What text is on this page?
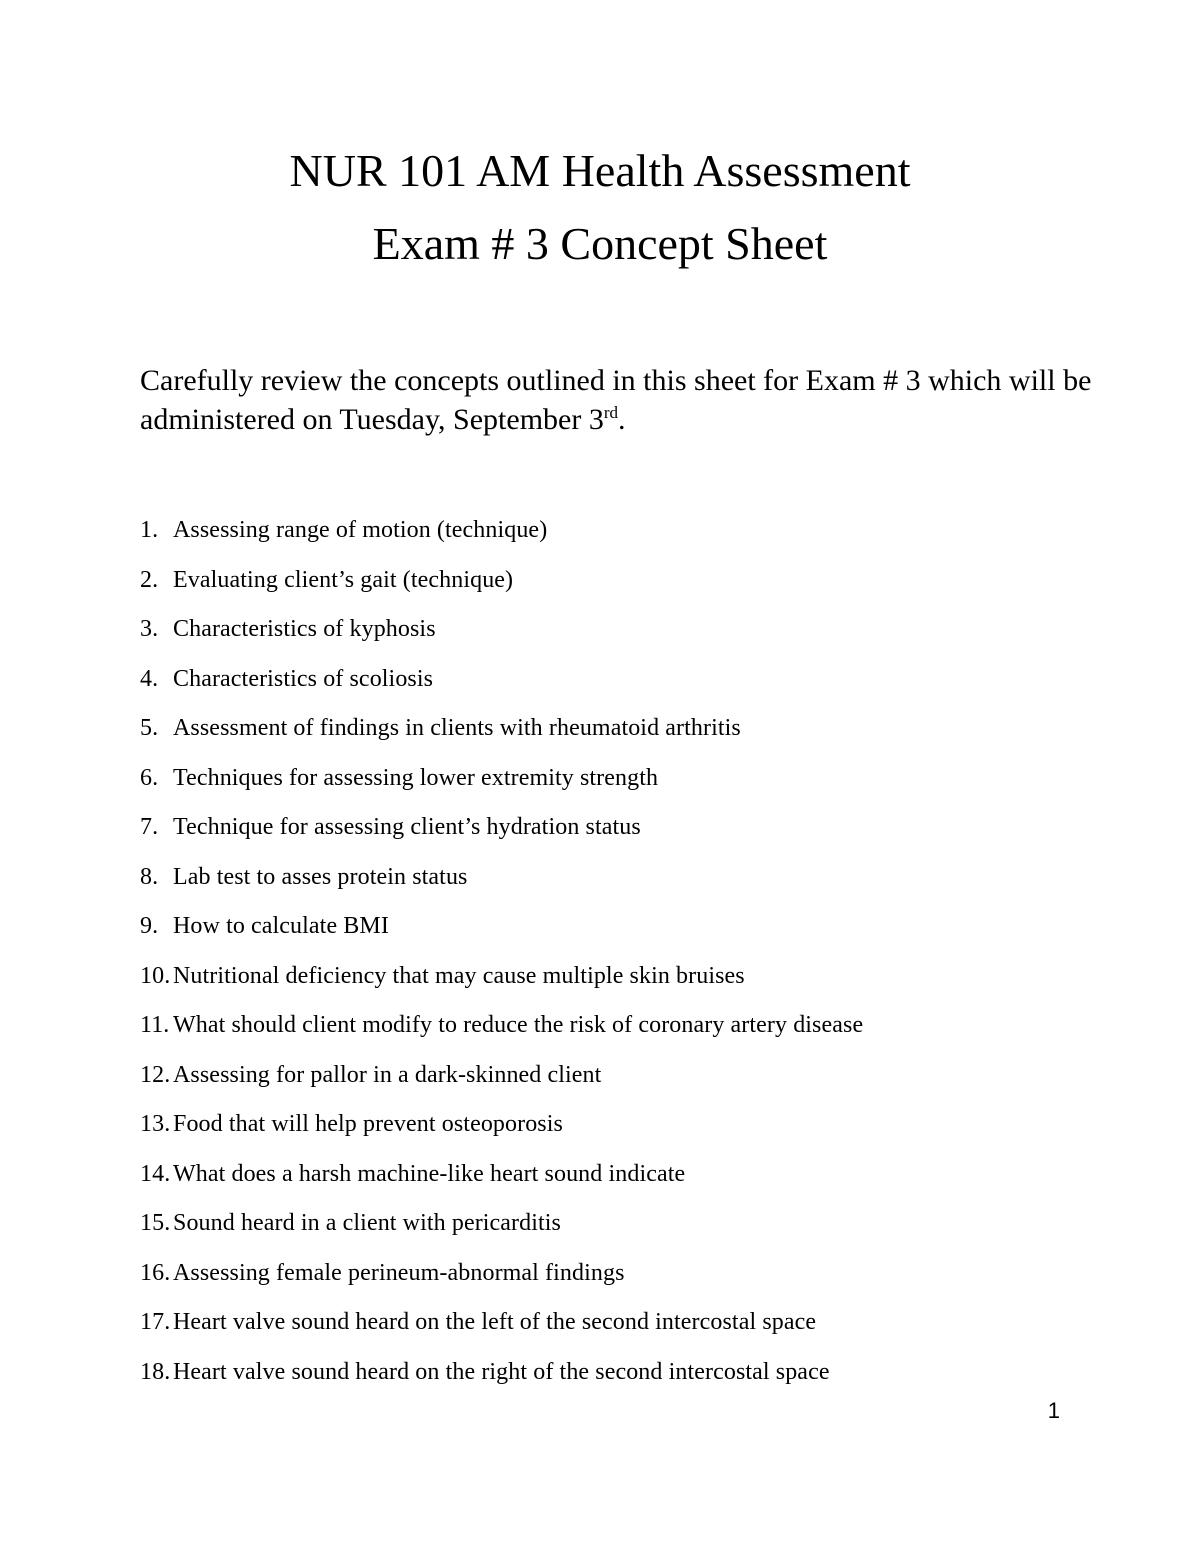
NUR 101 AM Health Assessment
Exam # 3 Concept Sheet

Carefully review the concepts outlined in this sheet for Exam # 3 which will be administered on Tuesday, September 3rd.

1. Assessing range of motion (technique)
2. Evaluating client’s gait (technique)
3. Characteristics of kyphosis
4. Characteristics of scoliosis
5. Assessment of findings in clients with rheumatoid arthritis
6. Techniques for assessing lower extremity strength
7. Technique for assessing client’s hydration status
8. Lab test to asses protein status
9. How to calculate BMI
10. Nutritional deficiency that may cause multiple skin bruises
11. What should client modify to reduce the risk of coronary artery disease
12. Assessing for pallor in a dark-skinned client
13. Food that will help prevent osteoporosis
14. What does a harsh machine-like heart sound indicate
15. Sound heard in a client with pericarditis
16. Assessing female perineum-abnormal findings
17. Heart valve sound heard on the left of the second intercostal space
18. Heart valve sound heard on the right of the second intercostal space
1
